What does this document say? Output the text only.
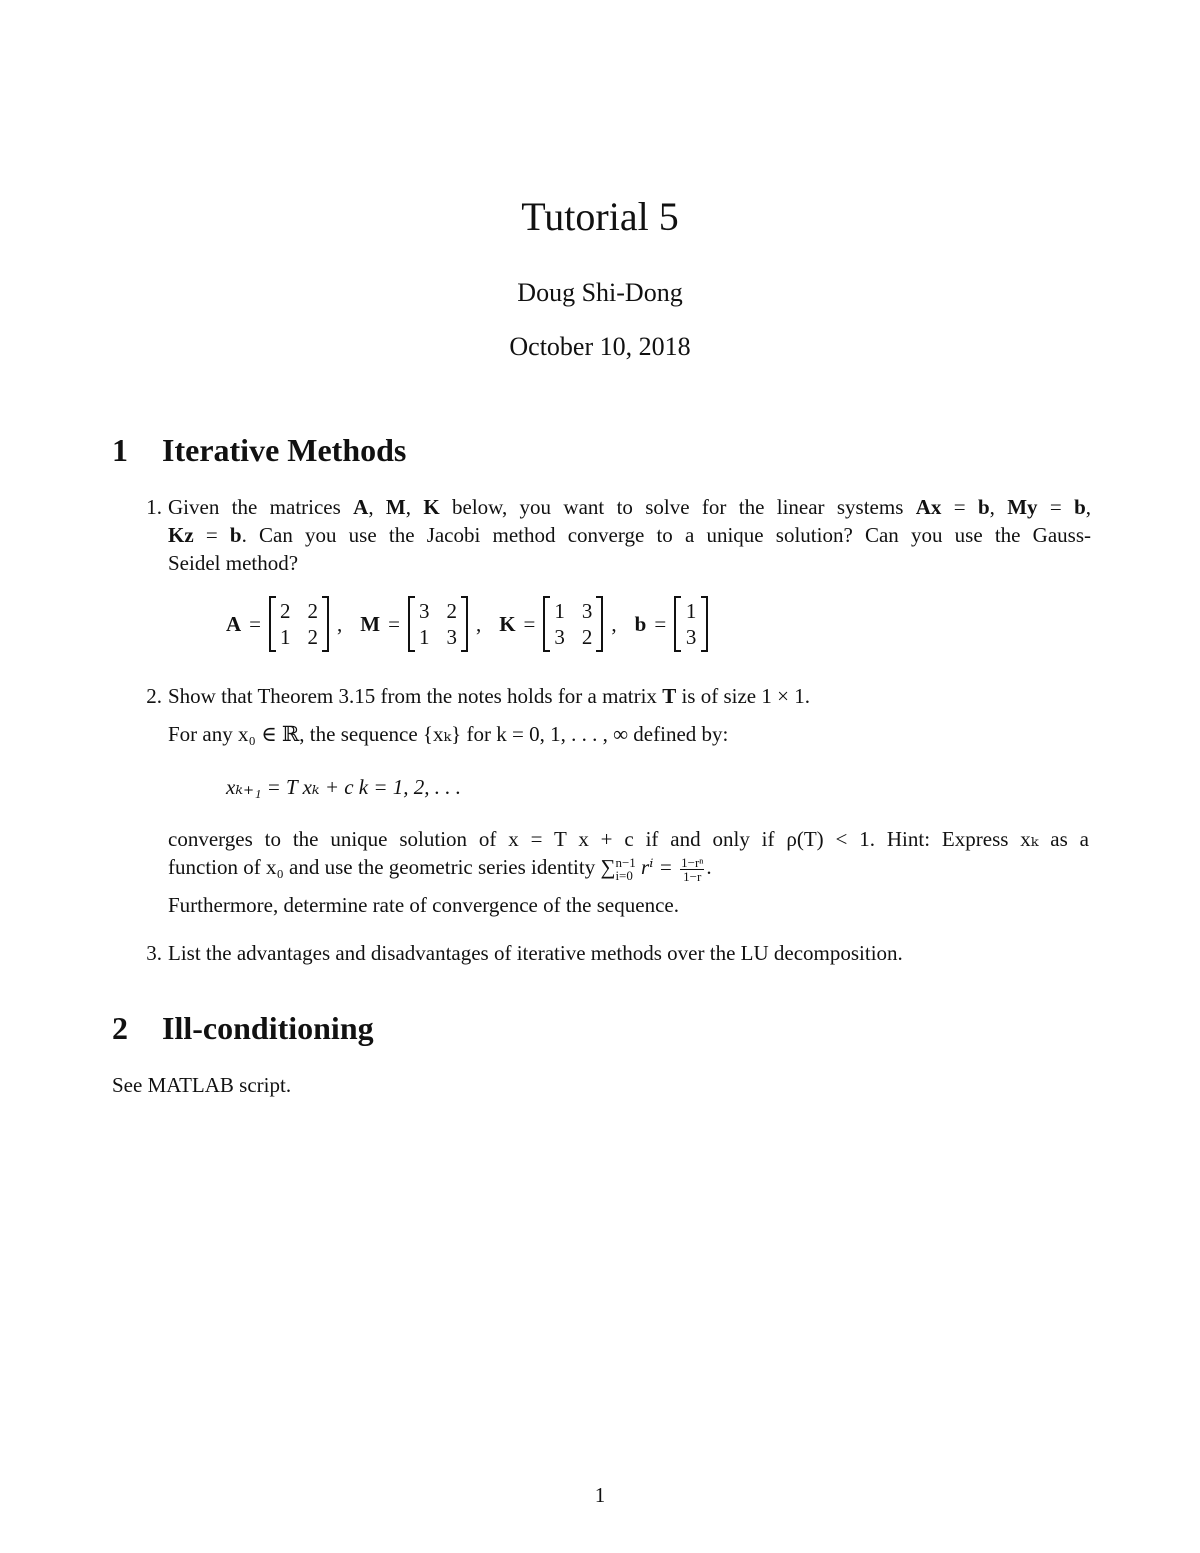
Tutorial 5
Doug Shi-Dong
October 10, 2018
1 Iterative Methods
1. Given the matrices A, M, K below, you want to solve for the linear systems Ax = b, My = b,
Kz = b. Can you use the Jacobi method converge to a unique solution? Can you use the Gauss-
Seidel method?
A =
2 2
1 2
, M =
3 2
1 3
, K =
1 3
3 2
, b =
1
3
2. Show that Theorem 3.15 from the notes holds for a matrix T is of size 1 × 1.
For any x₀ ∈ ℝ, the sequence {xₖ} for k = 0, 1, . . . , ∞ defined by:
xₖ₊₁ = T xₖ + c k = 1, 2, . . .
converges to the unique solution of x = T x + c if and only if ρ(T) < 1. Hint: Express xₖ as a
function of x₀ and use the geometric series identity ∑ n−1
i=0 $r^i = \frac{\text{1−rⁿ}}{1-r}$ .
Furthermore, determine rate of convergence of the sequence.
3. List the advantages and disadvantages of iterative methods over the LU decomposition.
2 Ill-conditioning
See MATLAB script.
1
